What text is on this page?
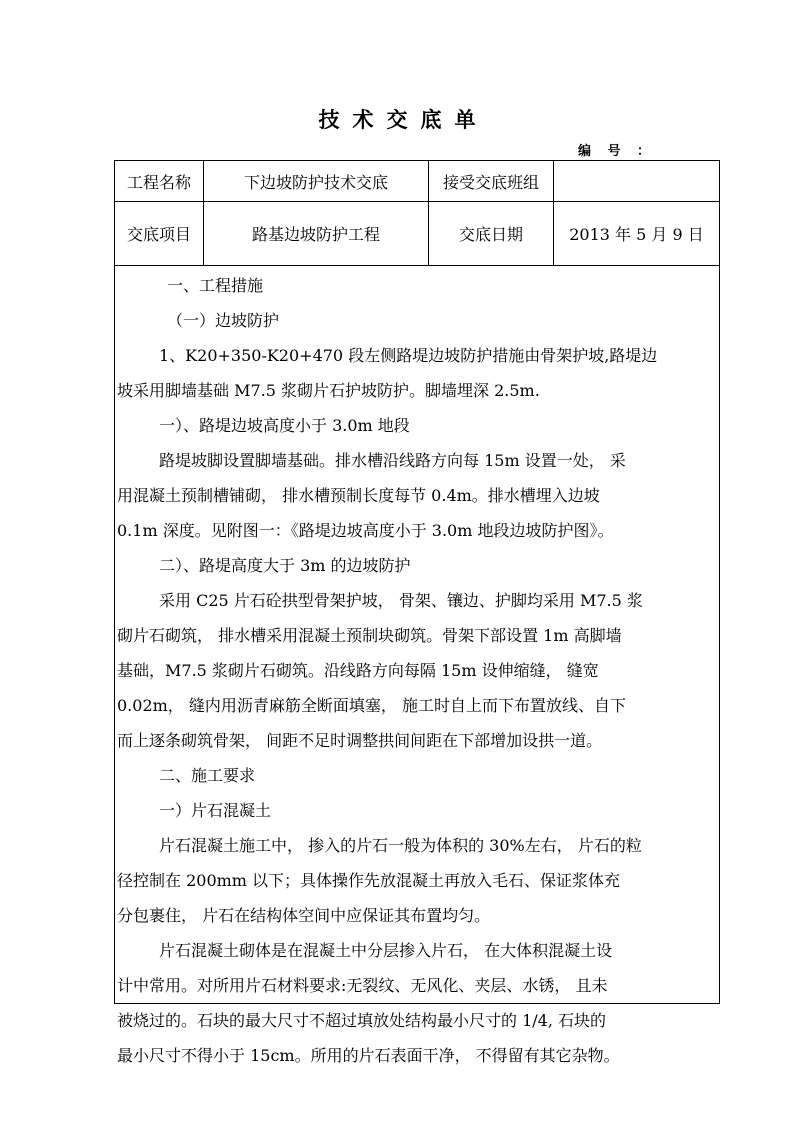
技术交底单
编 号 ：
工程名称	下边坡防护技术交底	接受交底班组
交底项目	路基边坡防护工程	交底日期	2013 年 5 月 9 日

一、工程措施

（一）边坡防护

1、K20+350-K20+470 段左侧路堤边坡防护措施由骨架护坡,路堤边

坡采用脚墙基础 M7.5 浆砌片石护坡防护。脚墙埋深 2.5m.

一）、路堤边坡高度小于 3.0m 地段

路堤坡脚设置脚墙基础。排水槽沿线路方向每 15m 设置一处， 采

用混凝土预制槽铺砌， 排水槽预制长度每节 0.4m。排水槽埋入边坡

0.1m 深度。见附图一：《路堤边坡高度小于 3.0m 地段边坡防护图》。

二）、路堤高度大于 3m 的边坡防护

采用 C25 片石砼拱型骨架护坡， 骨架、镶边、护脚均采用 M7.5 浆

砌片石砌筑， 排水槽采用混凝土预制块砌筑。骨架下部设置 1m 高脚墙

基础，M7.5 浆砌片石砌筑。沿线路方向每隔 15m 设伸缩缝， 缝宽

0.02m， 缝内用沥青麻筋全断面填塞， 施工时自上而下布置放线、自下

而上逐条砌筑骨架， 间距不足时调整拱间间距在下部增加设拱一道。

二、施工要求

一）片石混凝土

片石混凝土施工中， 掺入的片石一般为体积的 30%左右， 片石的粒

径控制在 200mm 以下；具体操作先放混凝土再放入毛石、保证浆体充

分包裹住， 片石在结构体空间中应保证其布置均匀。

片石混凝土砌体是在混凝土中分层掺入片石， 在大体积混凝土设

计中常用。对所用片石材料要求:无裂纹、无风化、夹层、水锈， 且未

被烧过的。石块的最大尺寸不超过填放处结构最小尺寸的 1/4, 石块的

最小尺寸不得小于 15cm。所用的片石表面干净， 不得留有其它杂物。
